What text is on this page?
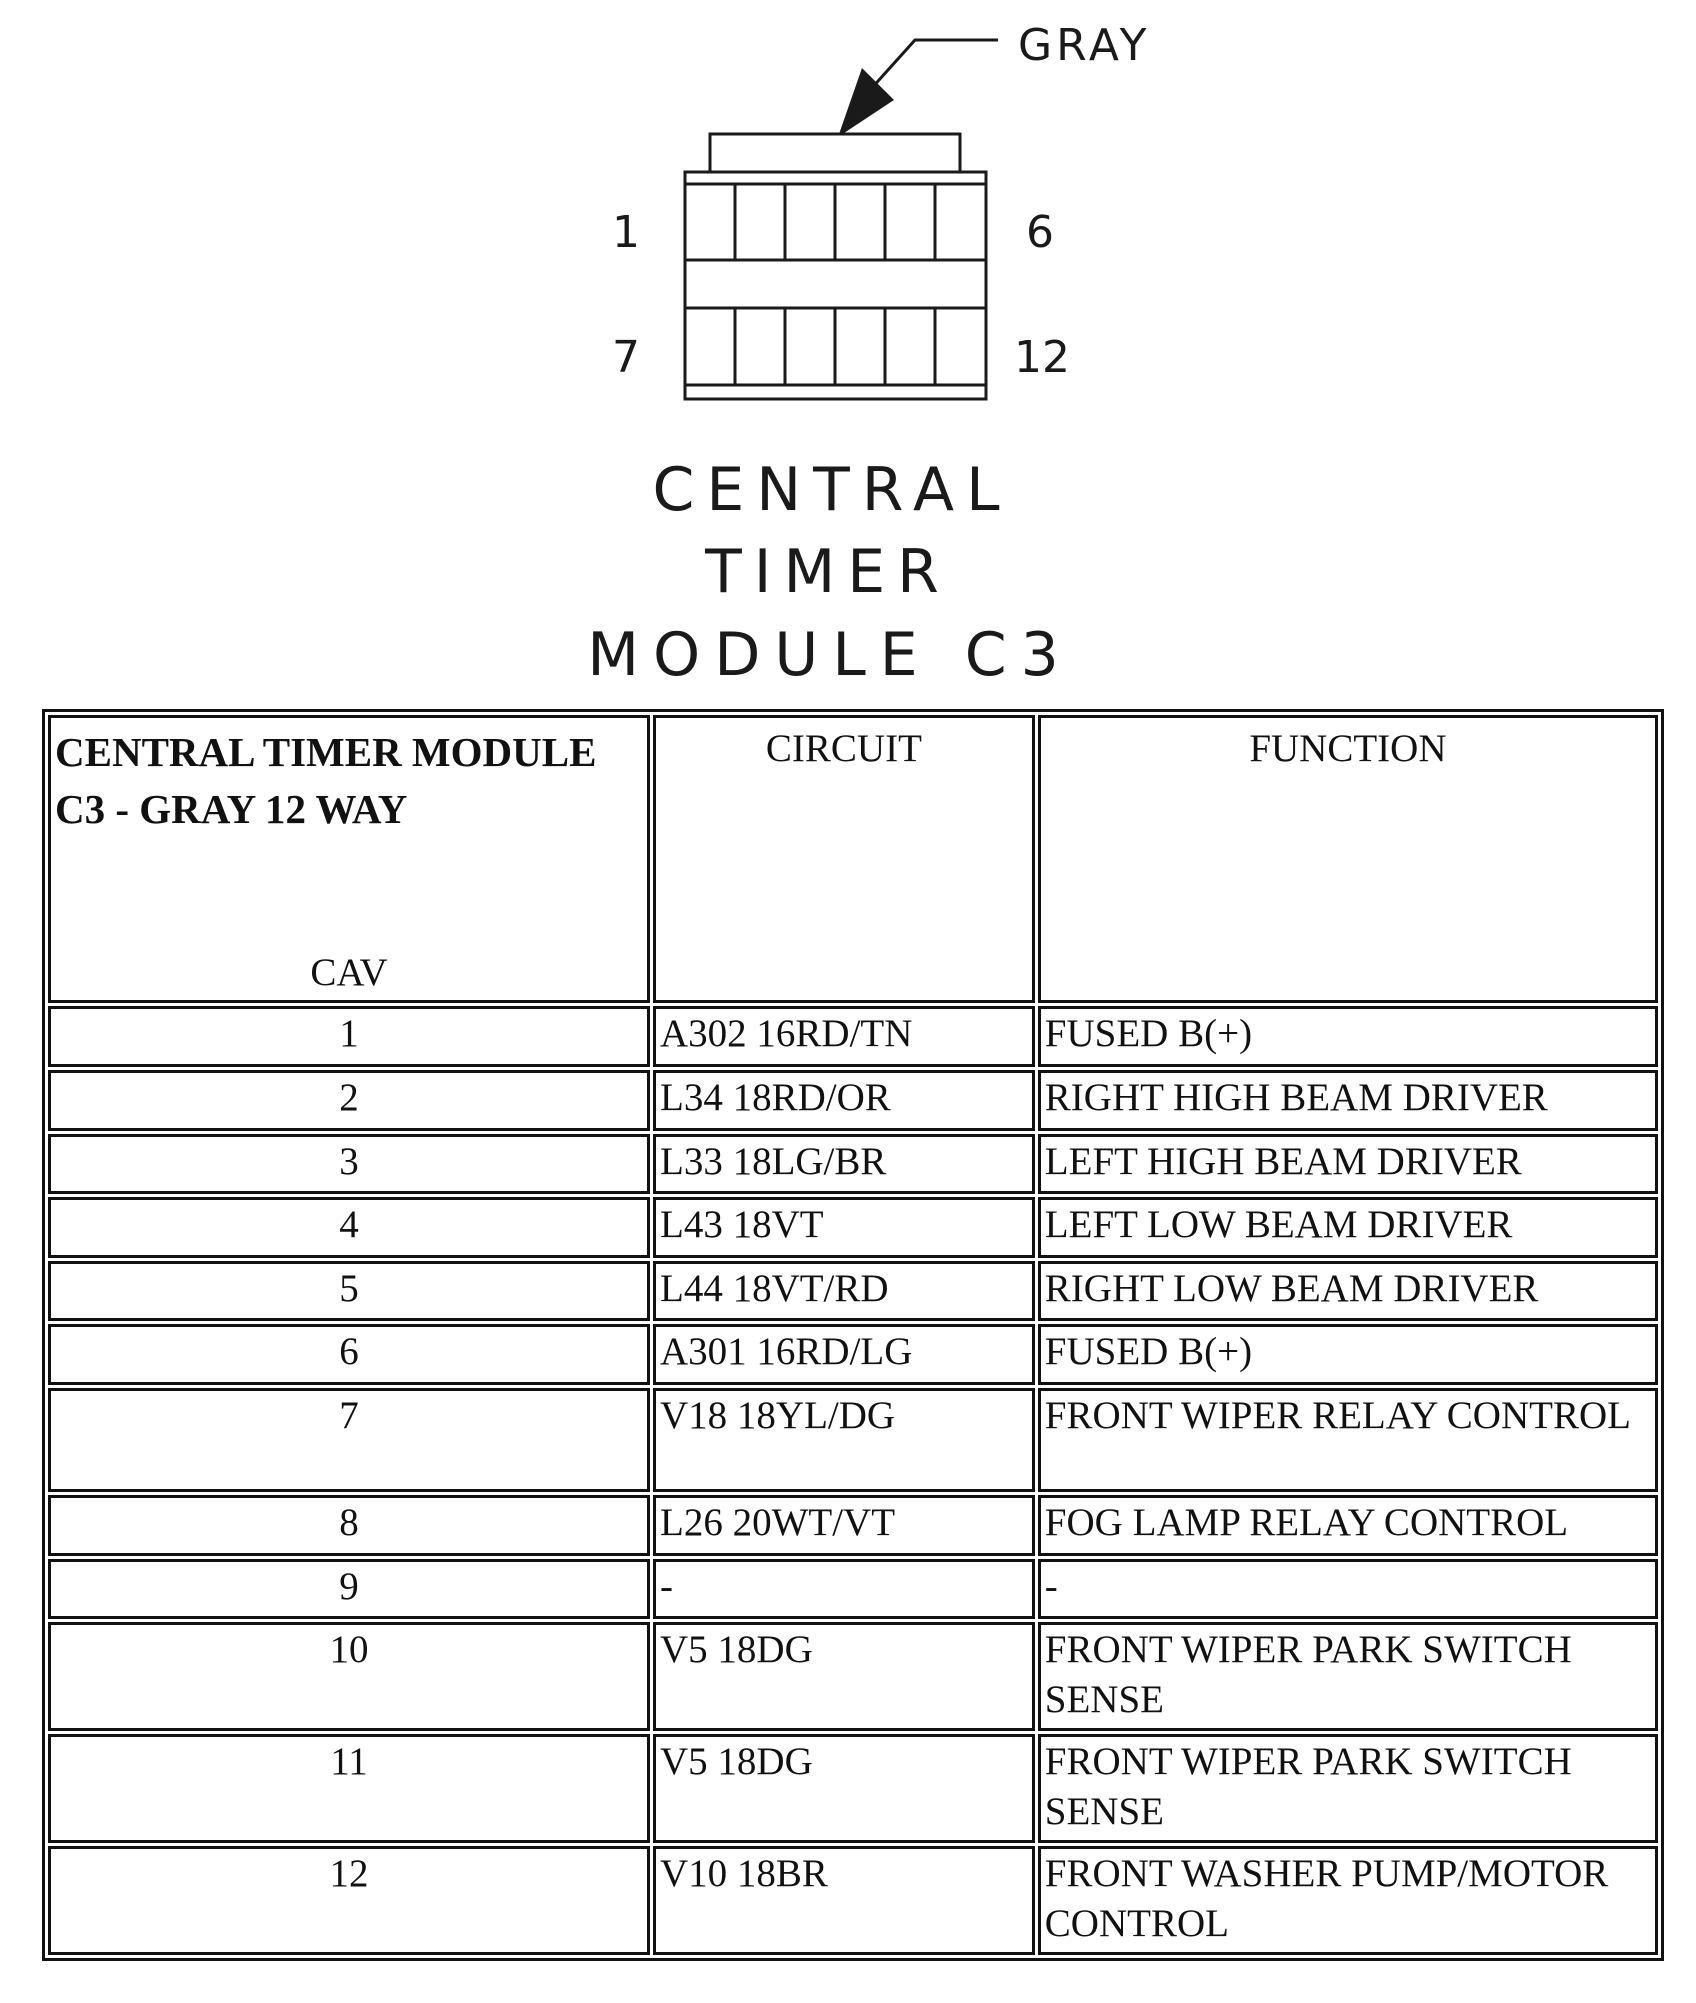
GRAY
1	6
7	12
CENTRAL
TIMER
MODULE C3
CENTRAL TIMER MODULE C3 - GRAY 12 WAY
CAV	CIRCUIT	FUNCTION

1	A302 16RD/TN	FUSED B(+)
2	L34 18RD/OR	RIGHT HIGH BEAM DRIVER
3	L33 18LG/BR	LEFT HIGH BEAM DRIVER
4	L43 18VT	LEFT LOW BEAM DRIVER
5	L44 18VT/RD	RIGHT LOW BEAM DRIVER
6	A301 16RD/LG	FUSED B(+)
7	V18 18YL/DG	FRONT WIPER RELAY CONTROL
8	L26 20WT/VT	FOG LAMP RELAY CONTROL
9	-	-
10	V5 18DG	FRONT WIPER PARK SWITCH SENSE
11	V5 18DG	FRONT WIPER PARK SWITCH SENSE
12	V10 18BR	FRONT WASHER PUMP/MOTOR CONTROL
